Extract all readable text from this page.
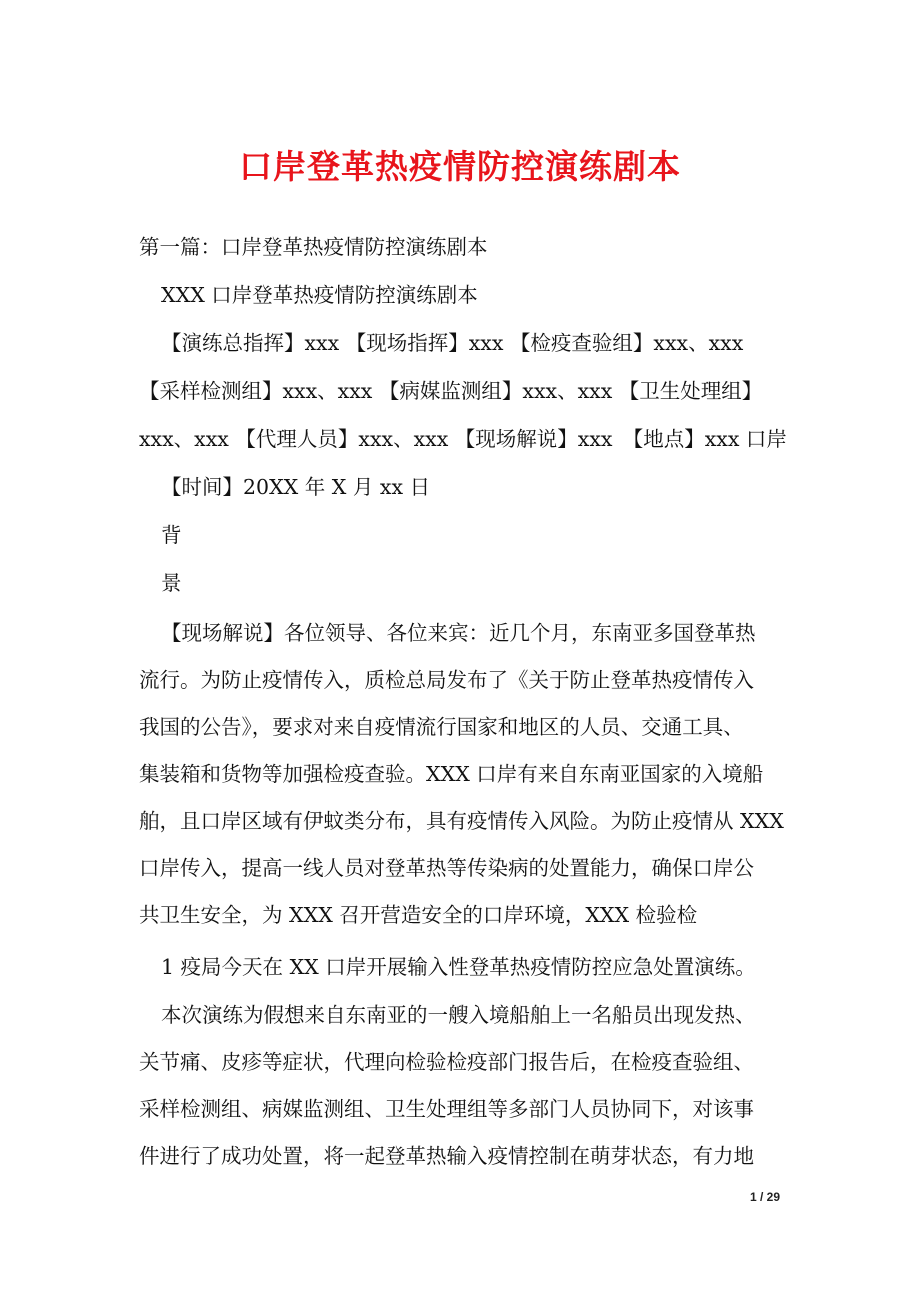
口岸登革热疫情防控演练剧本
第一篇：口岸登革热疫情防控演练剧本
XXX 口岸登革热疫情防控演练剧本
【演练总指挥】xxx 【现场指挥】xxx 【检疫查验组】xxx、xxx
【采样检测组】xxx、xxx 【病媒监测组】xxx、xxx 【卫生处理组】
xxx、xxx 【代理人员】xxx、xxx 【现场解说】xxx　【地点】xxx 口岸
【时间】20XX 年 X 月 xx 日
背
景
【现场解说】各位领导、各位来宾：近几个月，东南亚多国登革热
流行。为防止疫情传入，质检总局发布了《关于防止登革热疫情传入
我国的公告》，要求对来自疫情流行国家和地区的人员、交通工具、
集装箱和货物等加强检疫查验。XXX 口岸有来自东南亚国家的入境船
舶，且口岸区域有伊蚊类分布，具有疫情传入风险。为防止疫情从 XXX
口岸传入，提高一线人员对登革热等传染病的处置能力，确保口岸公
共卫生安全，为 XXX 召开营造安全的口岸环境，XXX 检验检
1 疫局今天在 XX 口岸开展输入性登革热疫情防控应急处置演练。
本次演练为假想来自东南亚的一艘入境船舶上一名船员出现发热、
关节痛、皮疹等症状，代理向检验检疫部门报告后，在检疫查验组、
采样检测组、病媒监测组、卫生处理组等多部门人员协同下，对该事
件进行了成功处置，将一起登革热输入疫情控制在萌芽状态，有力地
1 / 29
